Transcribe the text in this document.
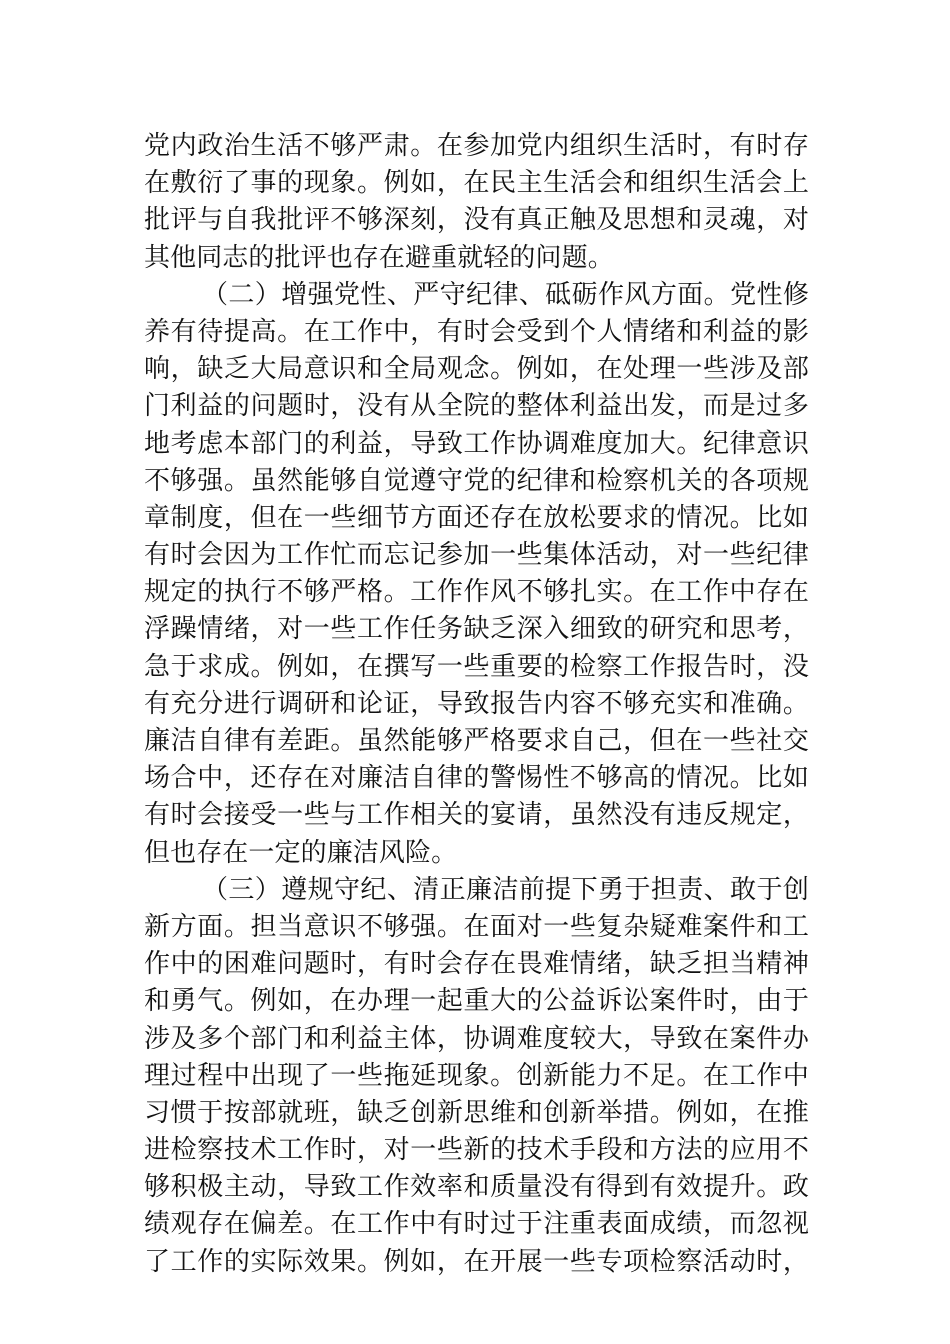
党内政治生活不够严肃。在参加党内组织生活时，有时存
在敷衍了事的现象。例如，在民主生活会和组织生活会上
批评与自我批评不够深刻，没有真正触及思想和灵魂，对
其他同志的批评也存在避重就轻的问题。
（二）增强党性、严守纪律、砥砺作风方面。党性修
养有待提高。在工作中，有时会受到个人情绪和利益的影
响，缺乏大局意识和全局观念。例如，在处理一些涉及部
门利益的问题时，没有从全院的整体利益出发，而是过多
地考虑本部门的利益，导致工作协调难度加大。纪律意识
不够强。虽然能够自觉遵守党的纪律和检察机关的各项规
章制度，但在一些细节方面还存在放松要求的情况。比如
有时会因为工作忙而忘记参加一些集体活动，对一些纪律
规定的执行不够严格。工作作风不够扎实。在工作中存在
浮躁情绪，对一些工作任务缺乏深入细致的研究和思考，
急于求成。例如，在撰写一些重要的检察工作报告时，没
有充分进行调研和论证，导致报告内容不够充实和准确。
廉洁自律有差距。虽然能够严格要求自己，但在一些社交
场合中，还存在对廉洁自律的警惕性不够高的情况。比如
有时会接受一些与工作相关的宴请，虽然没有违反规定，
但也存在一定的廉洁风险。
（三）遵规守纪、清正廉洁前提下勇于担责、敢于创
新方面。担当意识不够强。在面对一些复杂疑难案件和工
作中的困难问题时，有时会存在畏难情绪，缺乏担当精神
和勇气。例如，在办理一起重大的公益诉讼案件时，由于
涉及多个部门和利益主体，协调难度较大，导致在案件办
理过程中出现了一些拖延现象。创新能力不足。在工作中
习惯于按部就班，缺乏创新思维和创新举措。例如，在推
进检察技术工作时，对一些新的技术手段和方法的应用不
够积极主动，导致工作效率和质量没有得到有效提升。政
绩观存在偏差。在工作中有时过于注重表面成绩，而忽视
了工作的实际效果。例如，在开展一些专项检察活动时，
